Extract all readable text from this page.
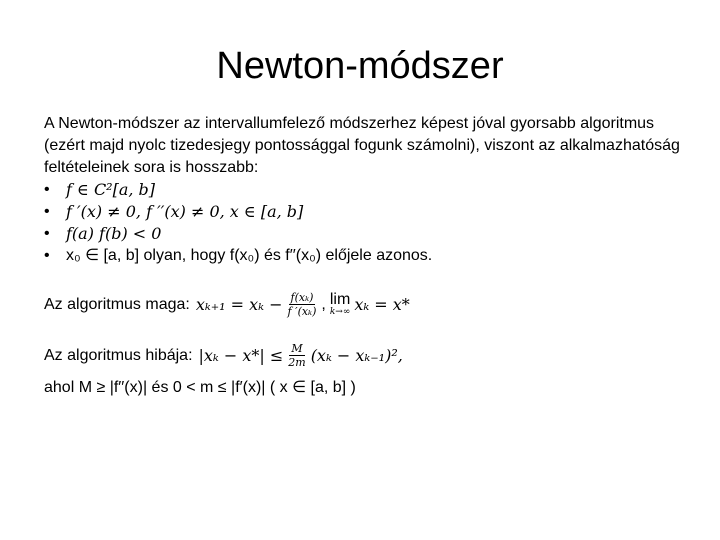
Newton-módszer

A Newton-módszer az intervallumfelező módszerhez képest jóval gyorsabb algoritmus (ezért majd nyolc tizedesjegy pontossággal fogunk számolni), viszont az alkalmazhatóság feltételeinek sora is hosszabb:

• f ∈ C²[a, b]
• f ′(x) ≠ 0, f ′′(x) ≠ 0, x ∈ [a, b]
• f(a) f(b) < 0
• x₀ ∈ [a, b] olyan, hogy f(x₀) és f′′(x₀) előjele azonos.
Az algoritmus maga: $x_{k+1} = x_k - \frac{\text{f(xₖ)}}{\text{f ′(xₖ)}}$ , lim
k→∞ xₖ = x*
Az algoritmus hibája: $|x_k - x*| \le \frac{M}{2m} (x_k - x_{k-1})^2$,
ahol M ≥ |f′′(x)| és 0 < m ≤ |f′(x)| ( x ∈ [a, b] )
